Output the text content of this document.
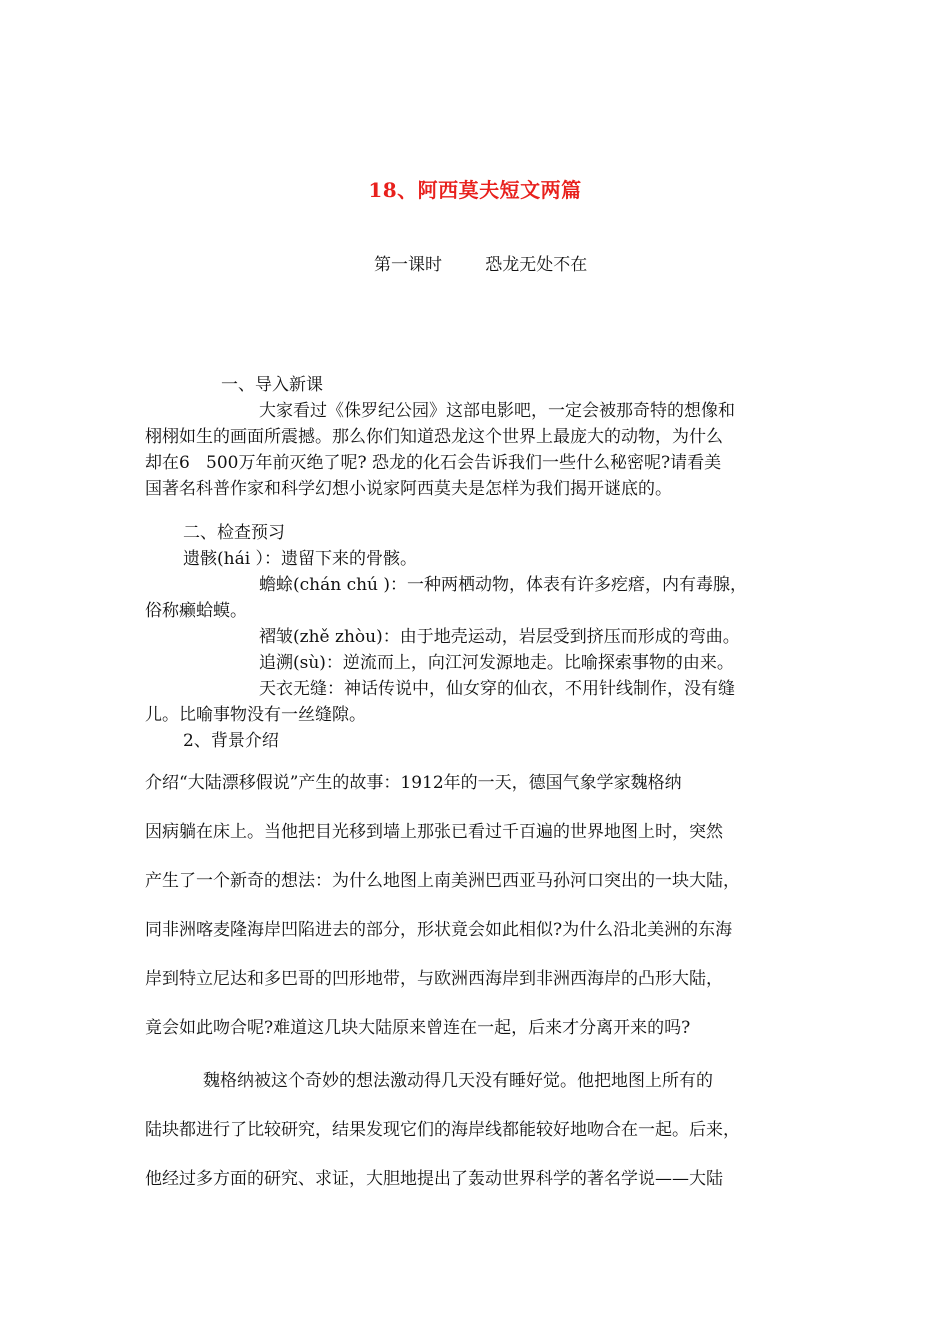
18、阿西莫夫短文两篇
第一课时        恐龙无处不在
一、导入新课
大家看过《侏罗纪公园》这部电影吧，一定会被那奇特的想像和
栩栩如生的画面所震撼。那么你们知道恐龙这个世界上最庞大的动物，为什么
却在6   500万年前灭绝了呢? 恐龙的化石会告诉我们一些什么秘密呢?请看美
国著名科普作家和科学幻想小说家阿西莫夫是怎样为我们揭开谜底的。
二、检查预习
遗骸(hái ）：遗留下来的骨骸。
蟾蜍(chán chú )：一种两栖动物，体表有许多疙瘩，内有毒腺，
俗称癞蛤蟆。
褶皱(zhě zhòu)：由于地壳运动，岩层受到挤压而形成的弯曲。
追溯(sù)：逆流而上，向江河发源地走。比喻探索事物的由来。
天衣无缝：神话传说中，仙女穿的仙衣，不用针线制作，没有缝
儿。比喻事物没有一丝缝隙。
2、背景介绍
介绍“大陆漂移假说”产生的故事：1912年的一天，德国气象学家魏格纳
因病躺在床上。当他把目光移到墙上那张已看过千百遍的世界地图上时，突然
产生了一个新奇的想法：为什么地图上南美洲巴西亚马孙河口突出的一块大陆，
同非洲喀麦隆海岸凹陷进去的部分，形状竟会如此相似?为什么沿北美洲的东海
岸到特立尼达和多巴哥的凹形地带，与欧洲西海岸到非洲西海岸的凸形大陆，
竟会如此吻合呢?难道这几块大陆原来曾连在一起，后来才分离开来的吗?
魏格纳被这个奇妙的想法激动得几天没有睡好觉。他把地图上所有的
陆块都进行了比较研究，结果发现它们的海岸线都能较好地吻合在一起。后来，
他经过多方面的研究、求证，大胆地提出了轰动世界科学的著名学说——大陆
